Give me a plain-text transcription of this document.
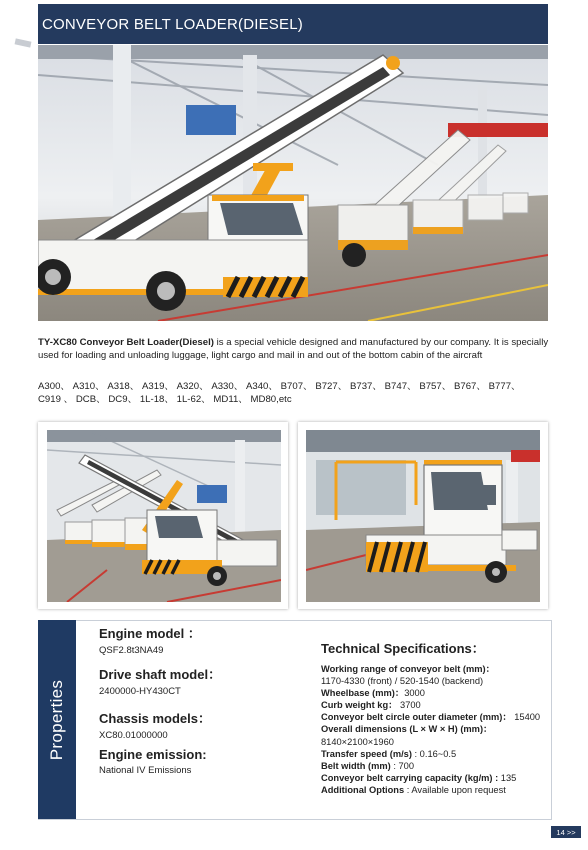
CONVEYOR BELT LOADER(DIESEL)
TY-XC80 Conveyor Belt Loader(Diesel) is a special vehicle designed and manufactured by our company. It is specially used for loading and unloading luggage, light cargo and mail in and out of the bottom cabin of the aircraft
A300、 A310、 A318、 A319、 A320、 A330、 A340、 B707、 B727、 B737、 B747、 B757、 B767、 B777、
C919 、 DCB、 DC9、 1L-18、 1L-62、 MD11、 MD80,etc
Properties

Engine model ：

QSF2.8t3NA49

Drive shaft model：

2400000-HY430CT

Chassis models：

XC80.01000000

Engine emission:

National IV Emissions

Technical Specifications：

Working range of conveyor belt (mm)：
1170-4330 (front) / 520-1540 (backend)
Wheelbase (mm)：3000
Curb weight kg： 3700
Conveyor belt circle outer diameter (mm)： 15400
Overall dimensions (L × W × H) (mm)：
8140×2100×1960
Transfer speed (m/s) : 0.16~0.5
Belt width (mm) : 700
Conveyor belt carrying capacity (kg/m) : 135
Additional Options : Available upon request
14 >>
